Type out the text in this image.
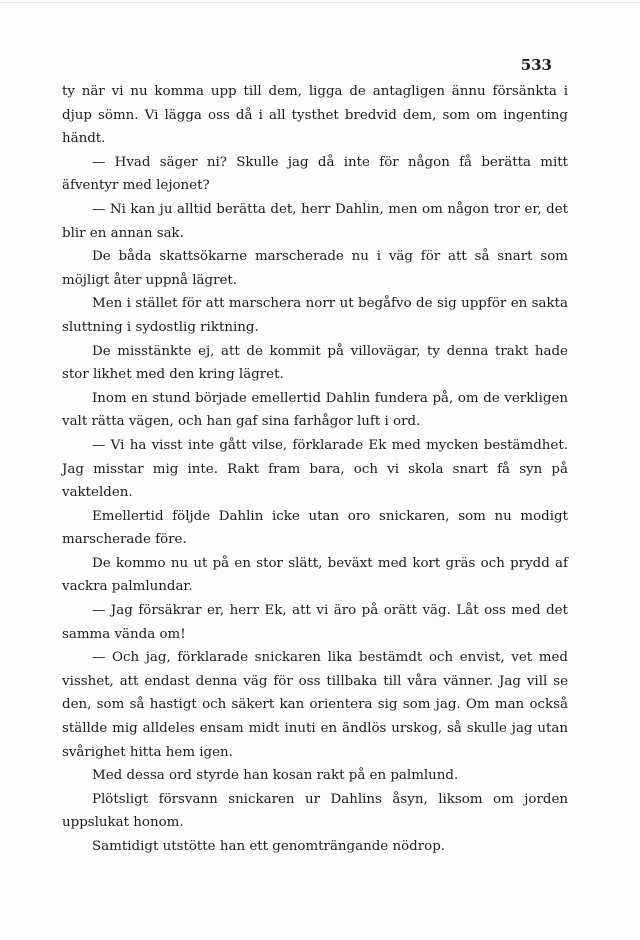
533

ty när vi nu komma upp till dem, ligga de antagligen ännu försänkta i djup sömn. Vi lägga oss då i all tysthet bredvid dem, som om ingenting händt.

— Hvad säger ni? Skulle jag då inte för någon få berätta mitt äfventyr med lejonet?

— Ni kan ju alltid berätta det, herr Dahlin, men om någon tror er, det blir en annan sak.

De båda skattsökarne marscherade nu i väg för att så snart som möjligt åter uppnå lägret.

Men i stället för att marschera norr ut begåfvo de sig uppför en sakta sluttning i sydostlig riktning.

De misstänkte ej, att de kommit på villovägar, ty denna trakt hade stor likhet med den kring lägret.

Inom en stund började emellertid Dahlin fundera på, om de verkligen valt rätta vägen, och han gaf sina farhågor luft i ord.

— Vi ha visst inte gått vilse, förklarade Ek med mycken bestämdhet. Jag misstar mig inte. Rakt fram bara, och vi skola snart få syn på vaktelden.

Emellertid följde Dahlin icke utan oro snickaren, som nu modigt marscherade före.

De kommo nu ut på en stor slätt, beväxt med kort gräs och prydd af vackra palmlundar.

— Jag försäkrar er, herr Ek, att vi äro på orätt väg. Låt oss med det samma vända om!

— Och jag, förklarade snickaren lika bestämdt och envist, vet med visshet, att endast denna väg för oss tillbaka till våra vänner. Jag vill se den, som så hastigt och säkert kan orientera sig som jag. Om man också ställde mig alldeles ensam midt inuti en ändlös urskog, så skulle jag utan svårighet hitta hem igen.

Med dessa ord styrde han kosan rakt på en palmlund.

Plötsligt försvann snickaren ur Dahlins åsyn, liksom om jorden uppslukat honom.

Samtidigt utstötte han ett genomträngande nödrop.
